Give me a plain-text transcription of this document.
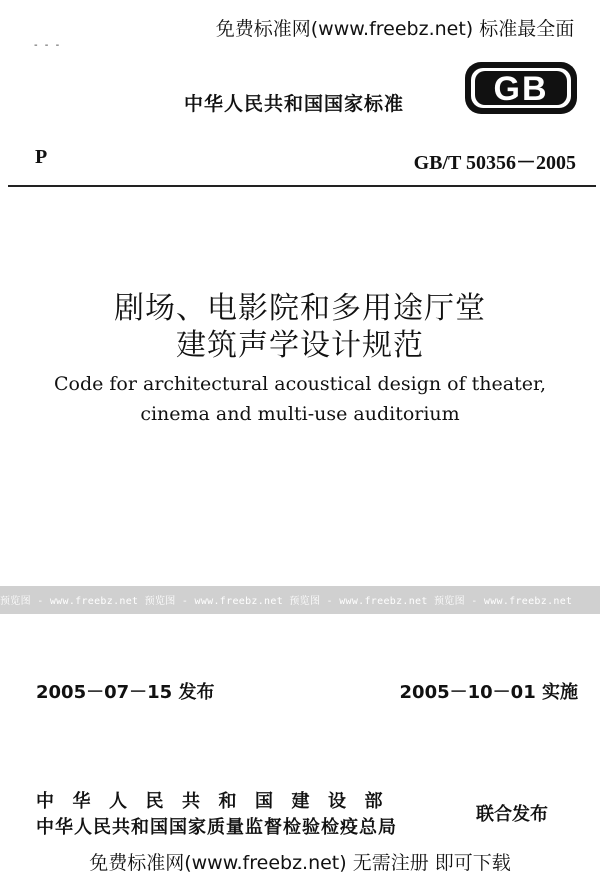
免费标准网(www.freebz.net) 标准最全面
- - -
中华人民共和国国家标准	GB
P	GB/T 50356－2005
剧场、电影院和多用途厅堂
建筑声学设计规范
Code for architectural acoustical design of theater,
cinema and multi-use auditorium
预览图 - www.freebz.net 预览图 - www.freebz.net 预览图 - www.freebz.net 预览图 - www.freebz.net
2005－07－15 发布	2005－10－01 实施
中华人民共和国建设部
中华人民共和国国家质量监督检验检疫总局
联合发布
免费标准网(www.freebz.net) 无需注册 即可下载
